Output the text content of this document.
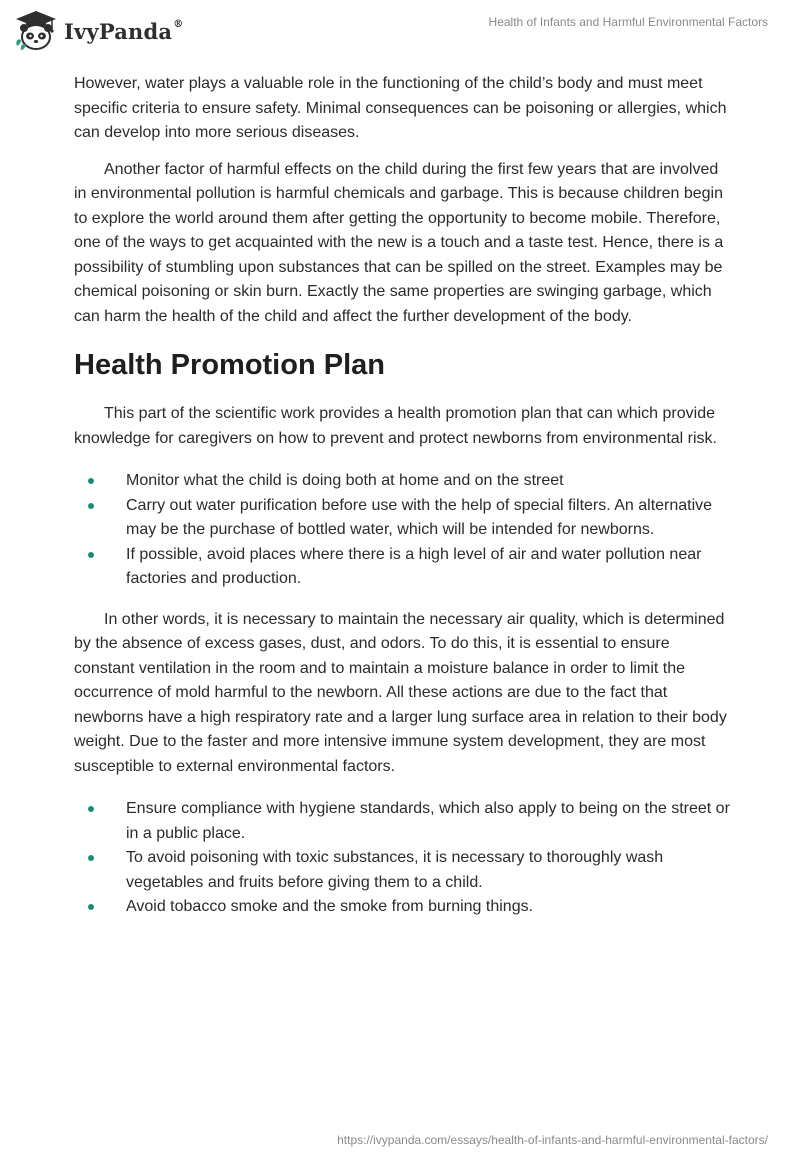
IvyPanda®	Health of Infants and Harmful Environmental Factors

However, water plays a valuable role in the functioning of the child’s body and must meet specific criteria to ensure safety. Minimal consequences can be poisoning or allergies, which can develop into more serious diseases.

Another factor of harmful effects on the child during the first few years that are involved in environmental pollution is harmful chemicals and garbage. This is because children begin to explore the world around them after getting the opportunity to become mobile. Therefore, one of the ways to get acquainted with the new is a touch and a taste test. Hence, there is a possibility of stumbling upon substances that can be spilled on the street. Examples may be chemical poisoning or skin burn. Exactly the same properties are swinging garbage, which can harm the health of the child and affect the further development of the body.

Health Promotion Plan

This part of the scientific work provides a health promotion plan that can which provide knowledge for caregivers on how to prevent and protect newborns from environmental risk.

Monitor what the child is doing both at home and on the street
Carry out water purification before use with the help of special filters. An alternative may be the purchase of bottled water, which will be intended for newborns.
If possible, avoid places where there is a high level of air and water pollution near factories and production.

In other words, it is necessary to maintain the necessary air quality, which is determined by the absence of excess gases, dust, and odors. To do this, it is essential to ensure constant ventilation in the room and to maintain a moisture balance in order to limit the occurrence of mold harmful to the newborn. All these actions are due to the fact that newborns have a high respiratory rate and a larger lung surface area in relation to their body weight. Due to the faster and more intensive immune system development, they are most susceptible to external environmental factors.

Ensure compliance with hygiene standards, which also apply to being on the street or in a public place.
To avoid poisoning with toxic substances, it is necessary to thoroughly wash vegetables and fruits before giving them to a child.
Avoid tobacco smoke and the smoke from burning things.
https://ivypanda.com/essays/health-of-infants-and-harmful-environmental-factors/
